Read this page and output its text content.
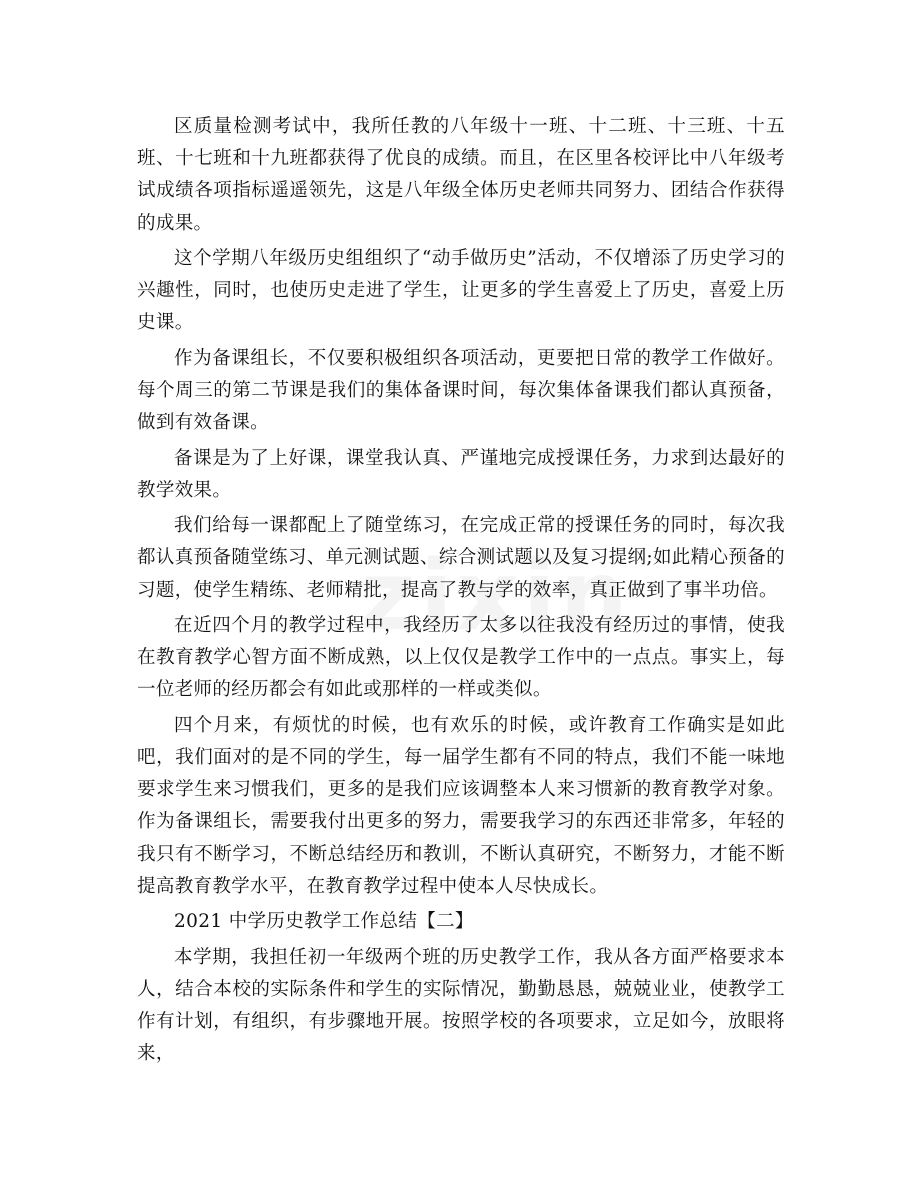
区质量检测考试中，我所任教的八年级十一班、十二班、十三班、十五班、十七班和十九班都获得了优良的成绩。而且，在区里各校评比中八年级考试成绩各项指标遥遥领先，这是八年级全体历史老师共同努力、团结合作获得的成果。

这个学期八年级历史组组织了“动手做历史”活动，不仅增添了历史学习的兴趣性，同时，也使历史走进了学生，让更多的学生喜爱上了历史，喜爱上历史课。

作为备课组长，不仅要积极组织各项活动，更要把日常的教学工作做好。每个周三的第二节课是我们的集体备课时间，每次集体备课我们都认真预备，做到有效备课。

备课是为了上好课，课堂我认真、严谨地完成授课任务，力求到达最好的教学效果。

我们给每一课都配上了随堂练习，在完成正常的授课任务的同时，每次我都认真预备随堂练习、单元测试题、综合测试题以及复习提纲;如此精心预备的习题，使学生精练、老师精批，提高了教与学的效率，真正做到了事半功倍。

在近四个月的教学过程中，我经历了太多以往我没有经历过的事情，使我在教育教学心智方面不断成熟，以上仅仅是教学工作中的一点点。事实上，每一位老师的经历都会有如此或那样的一样或类似。

四个月来，有烦忧的时候，也有欢乐的时候，或许教育工作确实是如此吧，我们面对的是不同的学生，每一届学生都有不同的特点，我们不能一味地要求学生来习惯我们，更多的是我们应该调整本人来习惯新的教育教学对象。作为备课组长，需要我付出更多的努力，需要我学习的东西还非常多，年轻的我只有不断学习，不断总结经历和教训，不断认真研究，不断努力，才能不断提高教育教学水平，在教育教学过程中使本人尽快成长。

2021 中学历史教学工作总结【二】

本学期，我担任初一年级两个班的历史教学工作，我从各方面严格要求本人，结合本校的实际条件和学生的实际情况，勤勤恳恳，兢兢业业，使教学工作有计划，有组织，有步骤地开展。按照学校的各项要求，立足如今，放眼将来，
